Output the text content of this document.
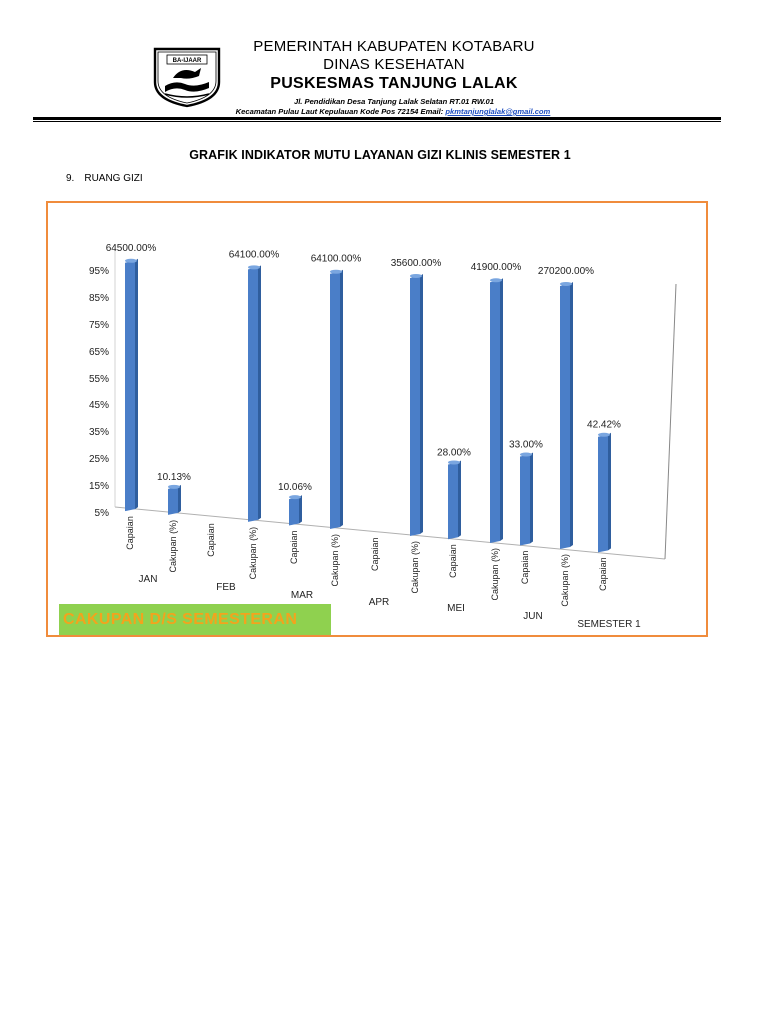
BA-IJAAR
PEMERINTAH KABUPATEN KOTABARU
DINAS KESEHATAN
PUSKESMAS TANJUNG LALAK
Jl. Pendidikan Desa Tanjung Lalak Selatan RT.01 RW.01
Kecamatan Pulau Laut Kepulauan Kode Pos 72154 Email: pkmtanjunglalak@gmail.com
GRAFIK INDIKATOR MUTU LAYANAN GIZI KLINIS SEMESTER 1
9. RUANG GIZI
5%
15%
25%
35%
45%
55%
65%
75%
85%
95%
Capaian
64500.00%
Cakupan (%)
10.13%
Capaian	Cakupan (%)
64100.00%
Capaian
10.06%
Cakupan (%)
64100.00%
Capaian	Cakupan (%)
35600.00%
Capaian
28.00%
Cakupan (%)
41900.00%
Capaian
33.00%
Cakupan (%)
270200.00%
Capaian
42.42%
JAN
FEB
MAR
APR
MEI
JUN
SEMESTER 1
CAKUPAN D/S SEMESTERAN
